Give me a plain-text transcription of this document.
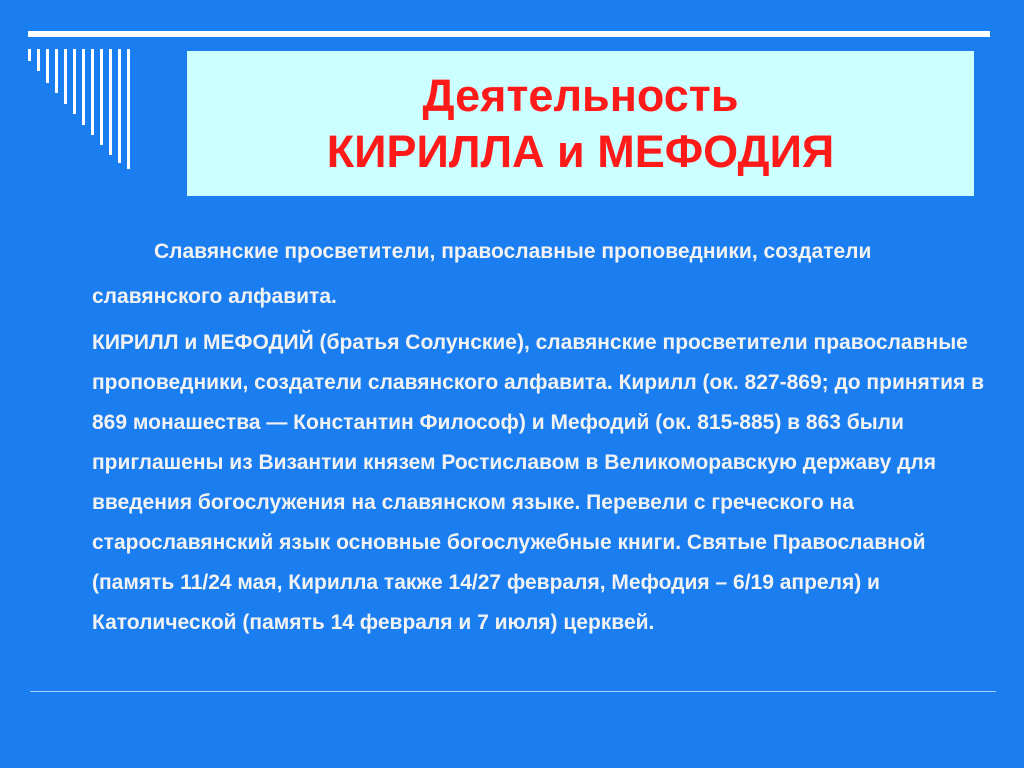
Деятельность
КИРИЛЛА и МЕФОДИЯ
Славянские просветители, православные проповедники, создатели славянского алфавита.
КИРИЛЛ и МЕФОДИЙ (братья Солунские), славянские просветители православные проповедники, создатели славянского алфавита. Кирилл (ок. 827-869; до принятия в 869 монашества — Константин Философ) и Мефодий (ок. 815-885) в 863 были приглашены из Византии князем Ростиславом в Великоморавскую державу для введения богослужения на славянском языке. Перевели с греческого на старославянский язык основные богослужебные книги. Святые Православной (память 11/24 мая, Кирилла также 14/27 февраля, Мефодия – 6/19 апреля) и Католической (память 14 февраля и 7 июля) церквей.
